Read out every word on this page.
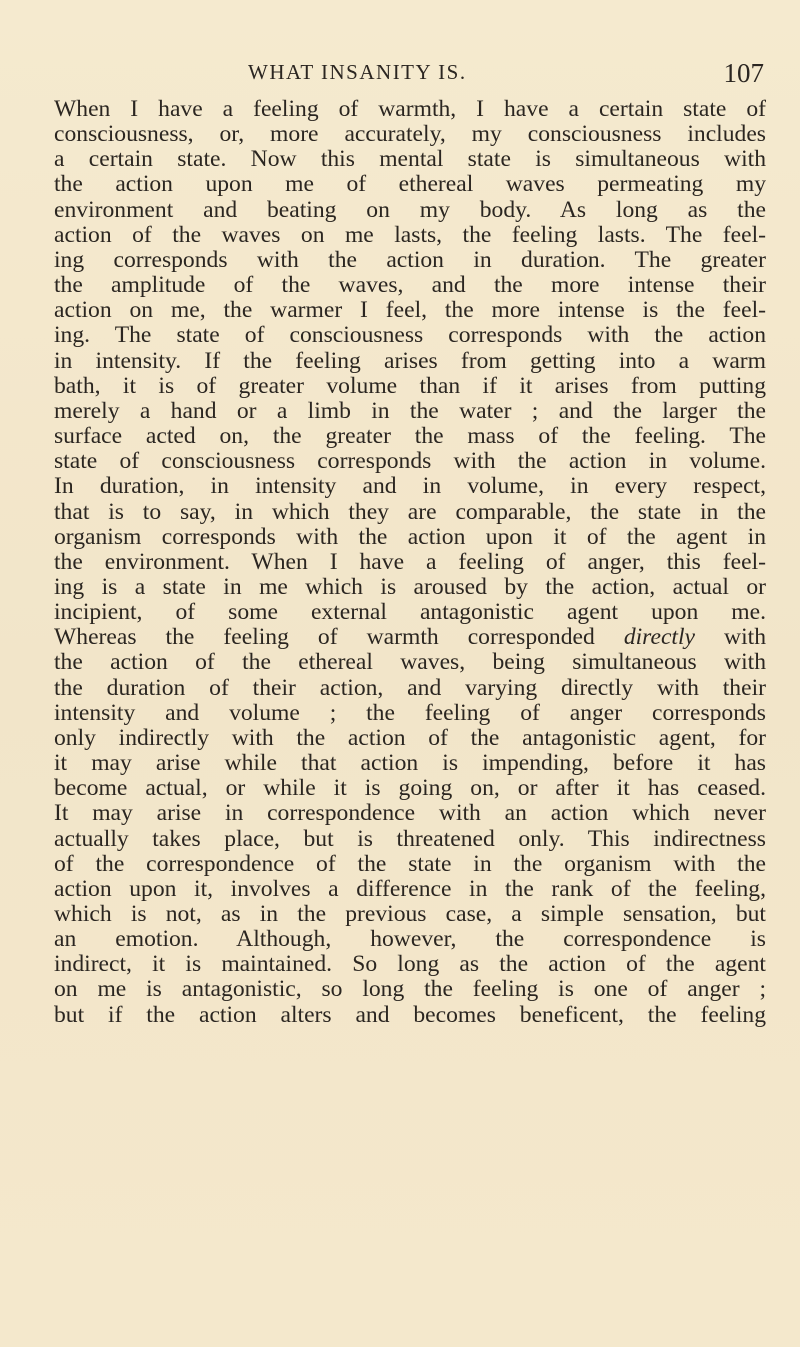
WHAT INSANITY IS.	107
When I have a feeling of warmth, I have a certain state of
consciousness, or, more accurately, my consciousness includes
a certain state. Now this mental state is simultaneous with
the action upon me of ethereal waves permeating my
environment and beating on my body. As long as the
action of the waves on me lasts, the feeling lasts. The feel-
ing corresponds with the action in duration. The greater
the amplitude of the waves, and the more intense their
action on me, the warmer I feel, the more intense is the feel-
ing. The state of consciousness corresponds with the action
in intensity. If the feeling arises from getting into a warm
bath, it is of greater volume than if it arises from putting
merely a hand or a limb in the water ; and the larger the
surface acted on, the greater the mass of the feeling. The
state of consciousness corresponds with the action in volume.
In duration, in intensity and in volume, in every respect,
that is to say, in which they are comparable, the state in the
organism corresponds with the action upon it of the agent in
the environment. When I have a feeling of anger, this feel-
ing is a state in me which is aroused by the action, actual or
incipient, of some external antagonistic agent upon me.
Whereas the feeling of warmth corresponded directly with
the action of the ethereal waves, being simultaneous with
the duration of their action, and varying directly with their
intensity and volume ; the feeling of anger corresponds
only indirectly with the action of the antagonistic agent, for
it may arise while that action is impending, before it has
become actual, or while it is going on, or after it has ceased.
It may arise in correspondence with an action which never
actually takes place, but is threatened only. This indirectness
of the correspondence of the state in the organism with the
action upon it, involves a difference in the rank of the feeling,
which is not, as in the previous case, a simple sensation, but
an emotion. Although, however, the correspondence is
indirect, it is maintained. So long as the action of the agent
on me is antagonistic, so long the feeling is one of anger ;
but if the action alters and becomes beneficent, the feeling
